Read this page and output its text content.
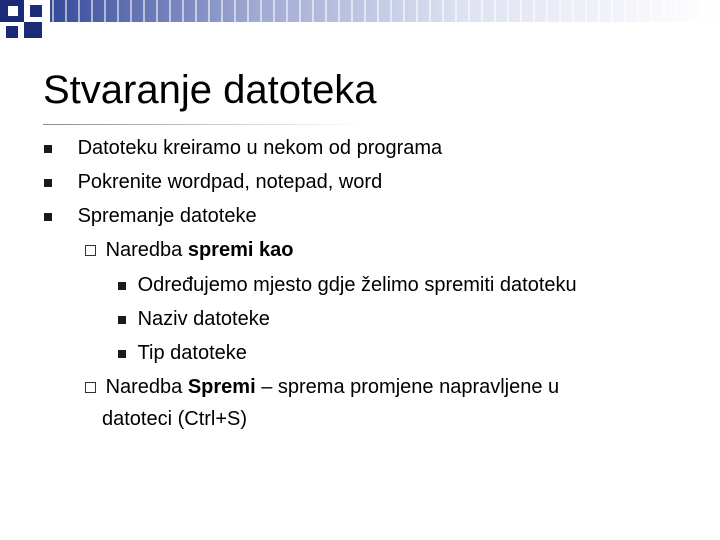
Stvaranje datoteka
Datoteku kreiramo u nekom od programa
Pokrenite wordpad, notepad, word
Spremanje datoteke
Naredba spremi kao
Određujemo mjesto gdje želimo spremiti datoteku
Naziv datoteke
Tip datoteke
Naredba Spremi – sprema promjene napravljene u
datoteci (Ctrl+S)
